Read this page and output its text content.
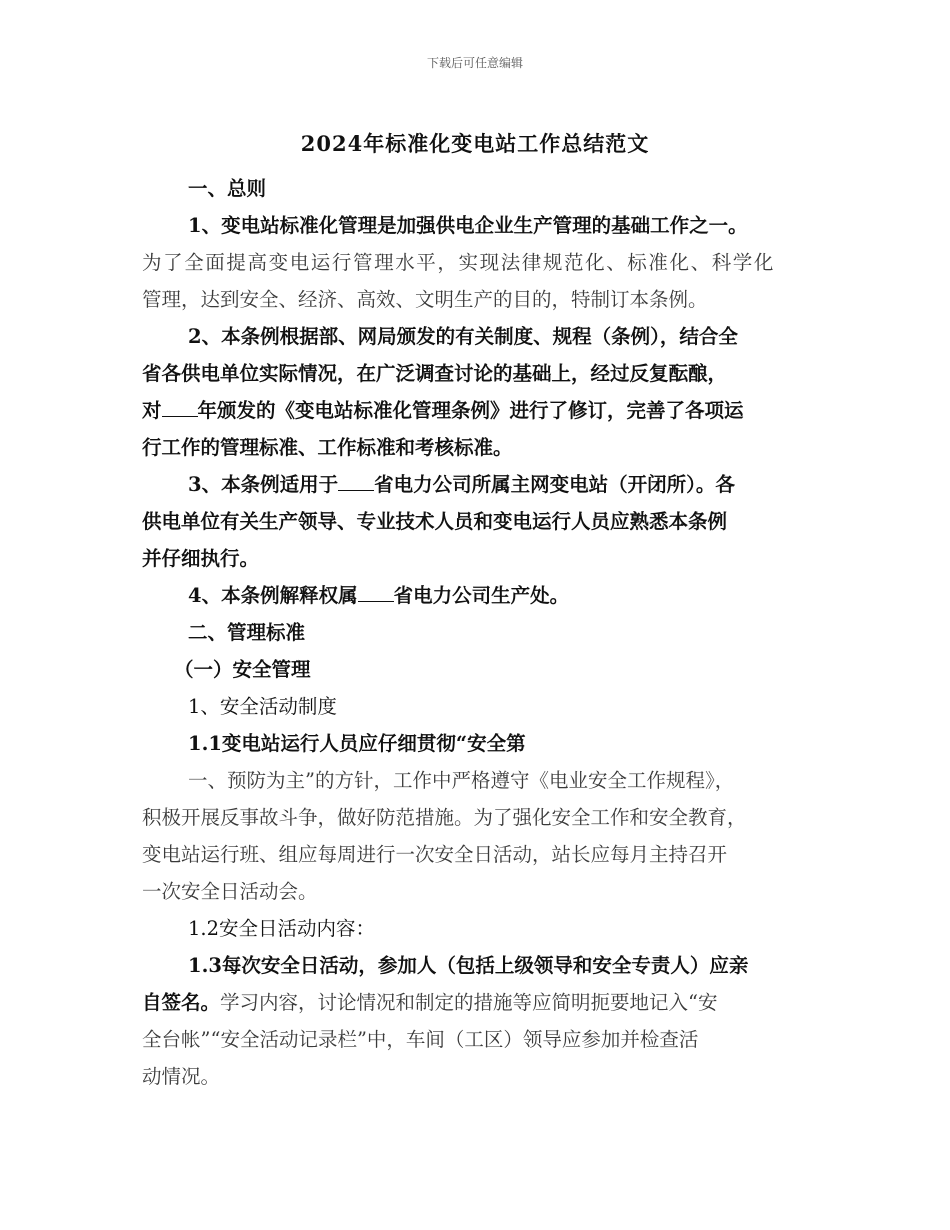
下载后可任意编辑
2024年标准化变电站工作总结范文
一、总则
1、变电站标准化管理是加强供电企业生产管理的基础工作之一。
为了全面提高变电运行管理水平，实现法律规范化、标准化、科学化
管理，达到安全、经济、高效、文明生产的目的，特制订本条例。
2、本条例根据部、网局颁发的有关制度、规程（条例），结合全
省各供电单位实际情况，在广泛调查讨论的基础上，经过反复酝酿，
对 年颁发的《变电站标准化管理条例》进行了修订，完善了各项运
行工作的管理标准、工作标准和考核标准。
3、本条例适用于 省电力公司所属主网变电站（开闭所）。各
供电单位有关生产领导、专业技术人员和变电运行人员应熟悉本条例
并仔细执行。
4、本条例解释权属 省电力公司生产处。
二、管理标准
（一）安全管理
1、安全活动制度
1.1变电站运行人员应仔细贯彻“安全第
一、预防为主”的方针，工作中严格遵守《电业安全工作规程》，
积极开展反事故斗争，做好防范措施。为了强化安全工作和安全教育，
变电站运行班、组应每周进行一次安全日活动，站长应每月主持召开
一次安全日活动会。
1.2安全日活动内容：
1.3每次安全日活动，参加人（包括上级领导和安全专责人）应亲
自签名。学习内容，讨论情况和制定的措施等应简明扼要地记入“安
全台帐”“安全活动记录栏”中，车间（工区）领导应参加并检查活
动情况。
